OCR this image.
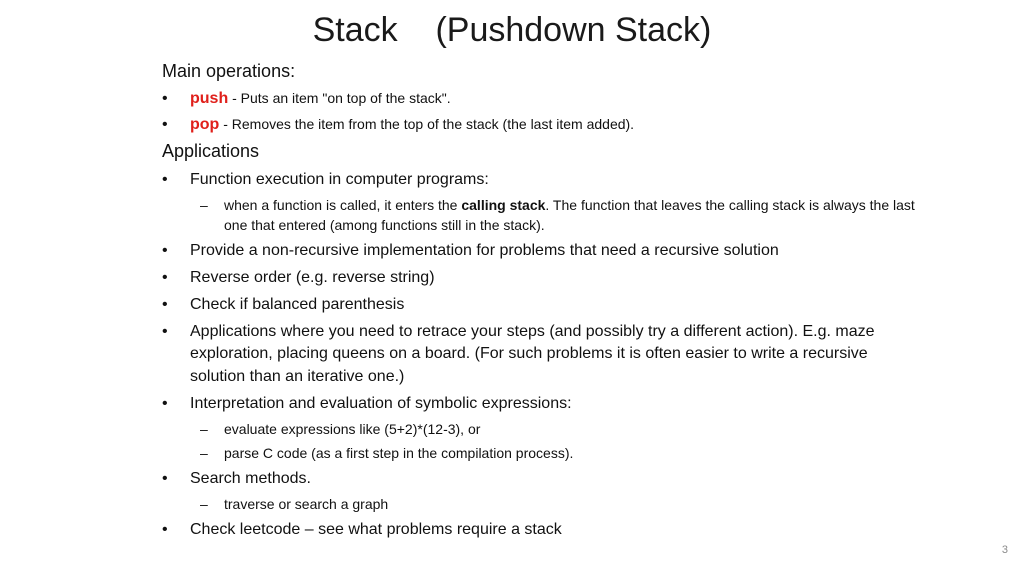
Stack    (Pushdown Stack)
Main operations:
• push - Puts an item "on top of the stack".
• pop - Removes the item from the top of the stack (the last item added).
Applications
• Function execution in computer programs:
– when a function is called, it enters the calling stack. The function that leaves the calling stack is always the last one that entered (among functions still in the stack).
• Provide a non-recursive implementation for problems that need a recursive solution
• Reverse order (e.g. reverse string)
• Check if balanced parenthesis
• Applications where you need to retrace your steps (and possibly try a different action). E.g. maze exploration, placing queens on a board. (For such problems it is often easier to write a recursive solution than an iterative one.)
• Interpretation and evaluation of symbolic expressions:
– evaluate expressions like (5+2)*(12-3), or
– parse C code (as a first step in the compilation process).
• Search methods.
– traverse or search a graph
• Check leetcode – see what problems require a stack
3
